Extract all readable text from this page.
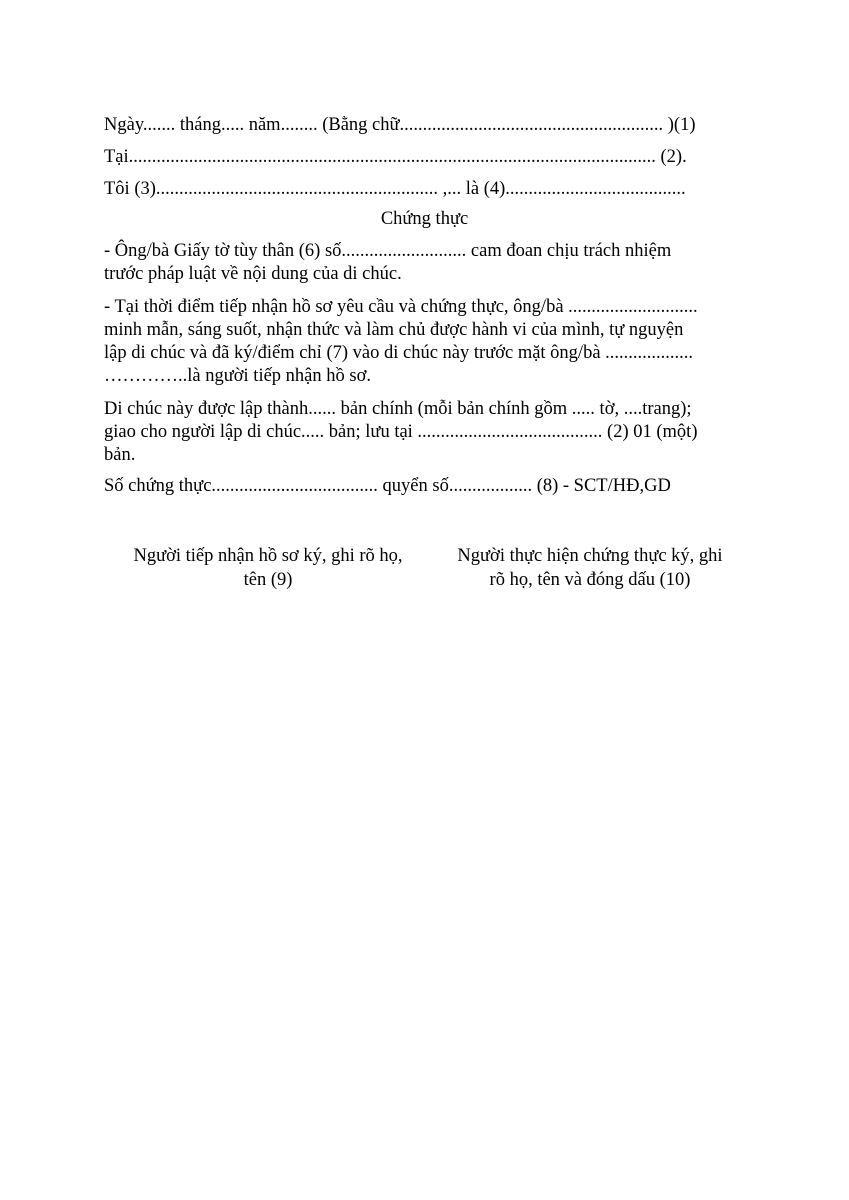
Ngày....... tháng..... năm........ (Bằng chữ......................................................... )(1)
Tại.................................................................................................................. (2).
Tôi (3)............................................................. ,... là (4).......................................
Chứng thực
- Ông/bà Giấy tờ tùy thân (6) số........................... cam đoan chịu trách nhiệm
trước pháp luật về nội dung của di chúc.
- Tại thời điểm tiếp nhận hồ sơ yêu cầu và chứng thực, ông/bà ............................
minh mẫn, sáng suốt, nhận thức và làm chủ được hành vi của mình, tự nguyện
lập di chúc và đã ký/điểm chỉ (7) vào di chúc này trước mặt ông/bà ...................
…………..là người tiếp nhận hồ sơ.
Di chúc này được lập thành...... bản chính (mỗi bản chính gồm ..... tờ, ....trang);
giao cho người lập di chúc..... bản; lưu tại ........................................ (2) 01 (một)
bản.
Số chứng thực.................................... quyển số.................. (8) - SCT/HĐ,GD
Người tiếp nhận hồ sơ ký, ghi rõ họ,
tên (9)
Người thực hiện chứng thực ký, ghi
rõ họ, tên và đóng dấu (10)
